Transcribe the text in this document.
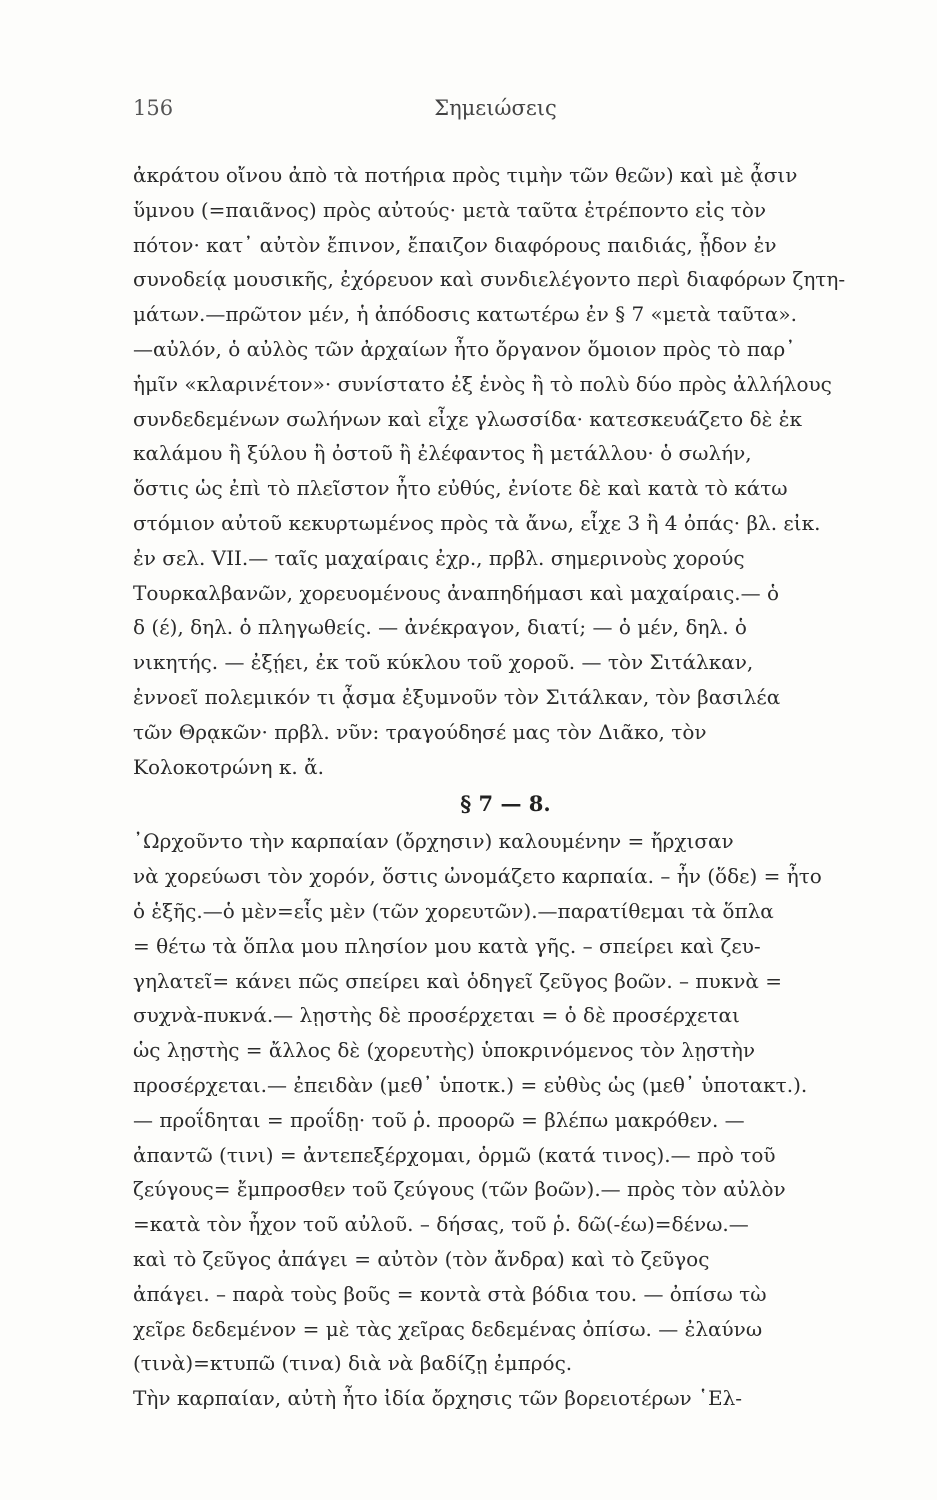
156	Σημειώσεις
ἀκράτου οἴνου ἀπὸ τὰ ποτήρια πρὸς τιμὴν τῶν θεῶν) καὶ μὲ ᾆσιν
ὕμνου (=παιᾶνος) πρὸς αὐτούς· μετὰ ταῦτα ἐτρέποντο εἰς τὸν
πότον· κατ᾽ αὐτὸν ἔπινον, ἔπαιζον διαφόρους παιδιάς, ᾖδον ἐν
συνοδείᾳ μουσικῆς, ἐχόρευον καὶ συνδιελέγοντο περὶ διαφόρων ζητη-
μάτων.—πρῶτον μέν, ἡ ἀπόδοσις κατωτέρω ἐν § 7 «μετὰ ταῦτα».
—αὐλόν, ὁ αὐλὸς τῶν ἀρχαίων ἦτο ὄργανον ὅμοιον πρὸς τὸ παρ᾽
ἡμῖν «κλαρινέτον»· συνίστατο ἐξ ἑνὸς ἢ τὸ πολὺ δύο πρὸς ἀλλήλους
συνδεδεμένων σωλήνων καὶ εἶχε γλωσσίδα· κατεσκευάζετο δὲ ἐκ
καλάμου ἢ ξύλου ἢ ὀστοῦ ἢ ἐλέφαντος ἢ μετάλλου· ὁ σωλήν,
ὅστις ὡς ἐπὶ τὸ πλεῖστον ἦτο εὐθύς, ἐνίοτε δὲ καὶ κατὰ τὸ κάτω
στόμιον αὐτοῦ κεκυρτωμένος πρὸς τὰ ἄνω, εἶχε 3 ἢ 4 ὀπάς· βλ. εἰκ.
ἐν σελ. VII.— ταῖς μαχαίραις ἐχρ., πρβλ. σημερινοὺς χορούς
Τουρκαλβανῶν, χορευομένους ἀναπηδήμασι καὶ μαχαίραις.— ὁ
δ (έ), δηλ. ὁ πληγωθείς. — ἀνέκραγον, διατί; — ὁ μέν, δηλ. ὁ
νικητής. — ἐξῄει, ἐκ τοῦ κύκλου τοῦ χοροῦ. — τὸν Σιτάλκαν,
ἐννοεῖ πολεμικόν τι ᾆσμα ἐξυμνοῦν τὸν Σιτάλκαν, τὸν βασιλέα
τῶν Θρᾳκῶν· πρβλ. νῦν: τραγούδησέ μας τὸν Διᾶκο, τὸν
Κολοκοτρώνη κ. ἄ.
§ 7 — 8.
᾿Ωρχοῦντο τὴν καρπαίαν (ὄρχησιν) καλουμένην = ἤρχισαν
νὰ χορεύωσι τὸν χορόν, ὅστις ὠνομάζετο καρπαία. – ἦν (ὅδε) = ἦτο
ὁ ἑξῆς.—ὁ μὲν=εἷς μὲν (τῶν χορευτῶν).—παρατίθεμαι τὰ ὅπλα
= θέτω τὰ ὅπλα μου πλησίον μου κατὰ γῆς. – σπείρει καὶ ζευ-
γηλατεῖ= κάνει πῶς σπείρει καὶ ὁδηγεῖ ζεῦγος βοῶν. – πυκνὰ =
συχνὰ-πυκνά.— λῃστὴς δὲ προσέρχεται = ὁ δὲ προσέρχεται
ὡς λῃστὴς = ἄλλος δὲ (χορευτὴς) ὑποκρινόμενος τὸν λῃστὴν
προσέρχεται.— ἐπειδὰν (μεθ᾽ ὑποτκ.) = εὐθὺς ὡς (μεθ᾽ ὑποτακτ.).
— προΐδηται = προΐδῃ· τοῦ ῥ. προορῶ = βλέπω μακρόθεν. —
ἀπαντῶ (τινι) = ἀντεπεξέρχομαι, ὁρμῶ (κατά τινος).— πρὸ τοῦ
ζεύγους= ἔμπροσθεν τοῦ ζεύγους (τῶν βοῶν).— πρὸς τὸν αὐλὸν
=κατὰ τὸν ἦχον τοῦ αὐλοῦ. – δήσας, τοῦ ῥ. δῶ(-έω)=δένω.—
καὶ τὸ ζεῦγος ἀπάγει = αὐτὸν (τὸν ἄνδρα) καὶ τὸ ζεῦγος
ἀπάγει. – παρὰ τοὺς βοῦς = κοντὰ στὰ βόδια του. — ὀπίσω τὼ
χεῖρε δεδεμένον = μὲ τὰς χεῖρας δεδεμένας ὀπίσω. — ἐλαύνω
(τινὰ)=κτυπῶ (τινα) διὰ νὰ βαδίζῃ ἐμπρός.
Τὴν καρπαίαν, αὐτὴ ἦτο ἰδία ὄρχησις τῶν βορειοτέρων ῾Ελ-
